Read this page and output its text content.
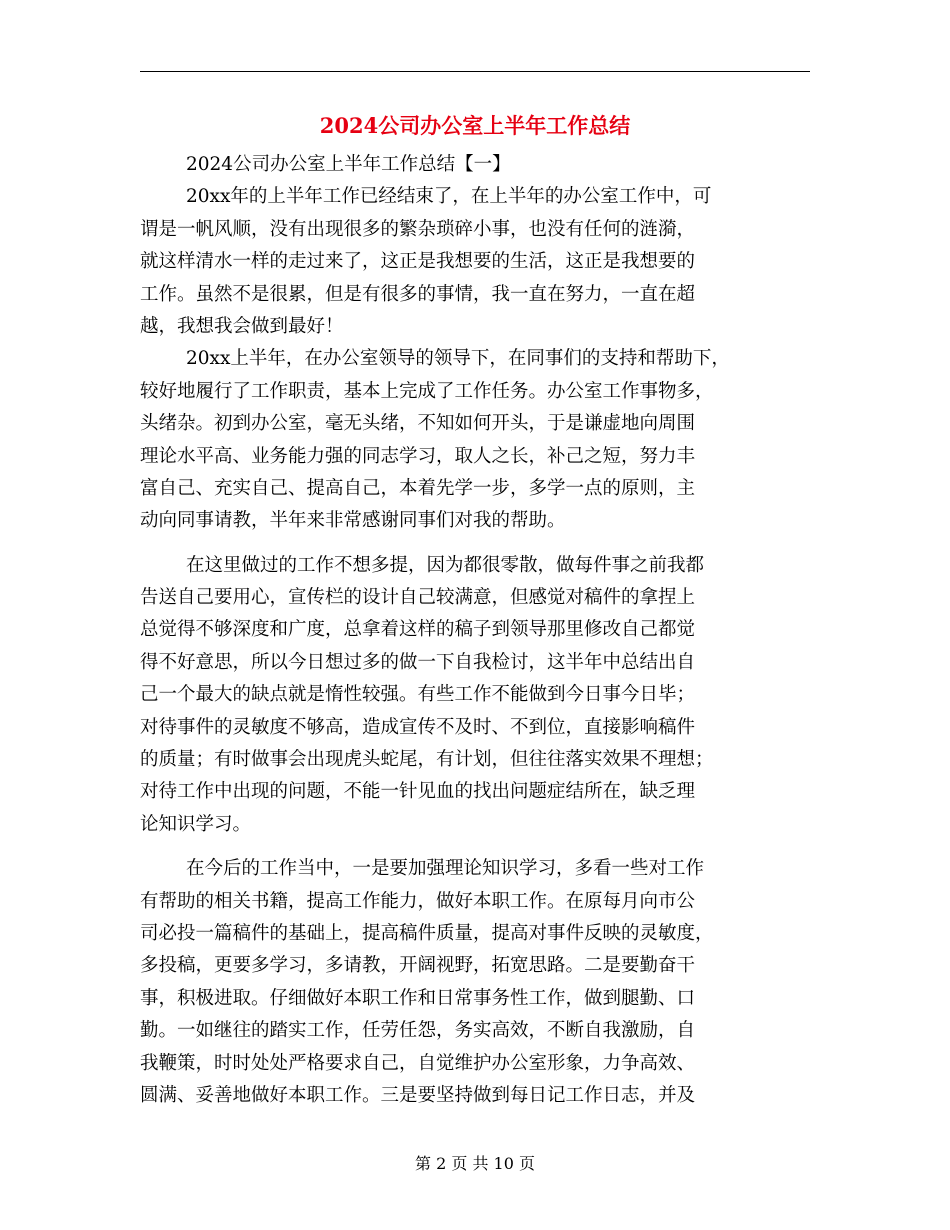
2024公司办公室上半年工作总结
2024公司办公室上半年工作总结【一】
20xx年的上半年工作已经结束了，在上半年的办公室工作中，可
谓是一帆风顺，没有出现很多的繁杂琐碎小事，也没有任何的涟漪，
就这样清水一样的走过来了，这正是我想要的生活，这正是我想要的
工作。虽然不是很累，但是有很多的事情，我一直在努力，一直在超
越，我想我会做到最好！
20xx上半年，在办公室领导的领导下，在同事们的支持和帮助下，
较好地履行了工作职责，基本上完成了工作任务。办公室工作事物多，
头绪杂。初到办公室，毫无头绪，不知如何开头，于是谦虚地向周围
理论水平高、业务能力强的同志学习，取人之长，补己之短，努力丰
富自己、充实自己、提高自己，本着先学一步，多学一点的原则，主
动向同事请教，半年来非常感谢同事们对我的帮助。
在这里做过的工作不想多提，因为都很零散，做每件事之前我都
告送自己要用心，宣传栏的设计自己较满意，但感觉对稿件的拿捏上
总觉得不够深度和广度，总拿着这样的稿子到领导那里修改自己都觉
得不好意思，所以今日想过多的做一下自我检讨，这半年中总结出自
己一个最大的缺点就是惰性较强。有些工作不能做到今日事今日毕；
对待事件的灵敏度不够高，造成宣传不及时、不到位，直接影响稿件
的质量；有时做事会出现虎头蛇尾，有计划，但往往落实效果不理想；
对待工作中出现的问题，不能一针见血的找出问题症结所在，缺乏理
论知识学习。
在今后的工作当中，一是要加强理论知识学习，多看一些对工作
有帮助的相关书籍，提高工作能力，做好本职工作。在原每月向市公
司必投一篇稿件的基础上，提高稿件质量，提高对事件反映的灵敏度，
多投稿，更要多学习，多请教，开阔视野，拓宽思路。二是要勤奋干
事，积极进取。仔细做好本职工作和日常事务性工作，做到腿勤、口
勤。一如继往的踏实工作，任劳任怨，务实高效，不断自我激励，自
我鞭策，时时处处严格要求自己，自觉维护办公室形象，力争高效、
圆满、妥善地做好本职工作。三是要坚持做到每日记工作日志，并及
第 2 页 共 10 页
